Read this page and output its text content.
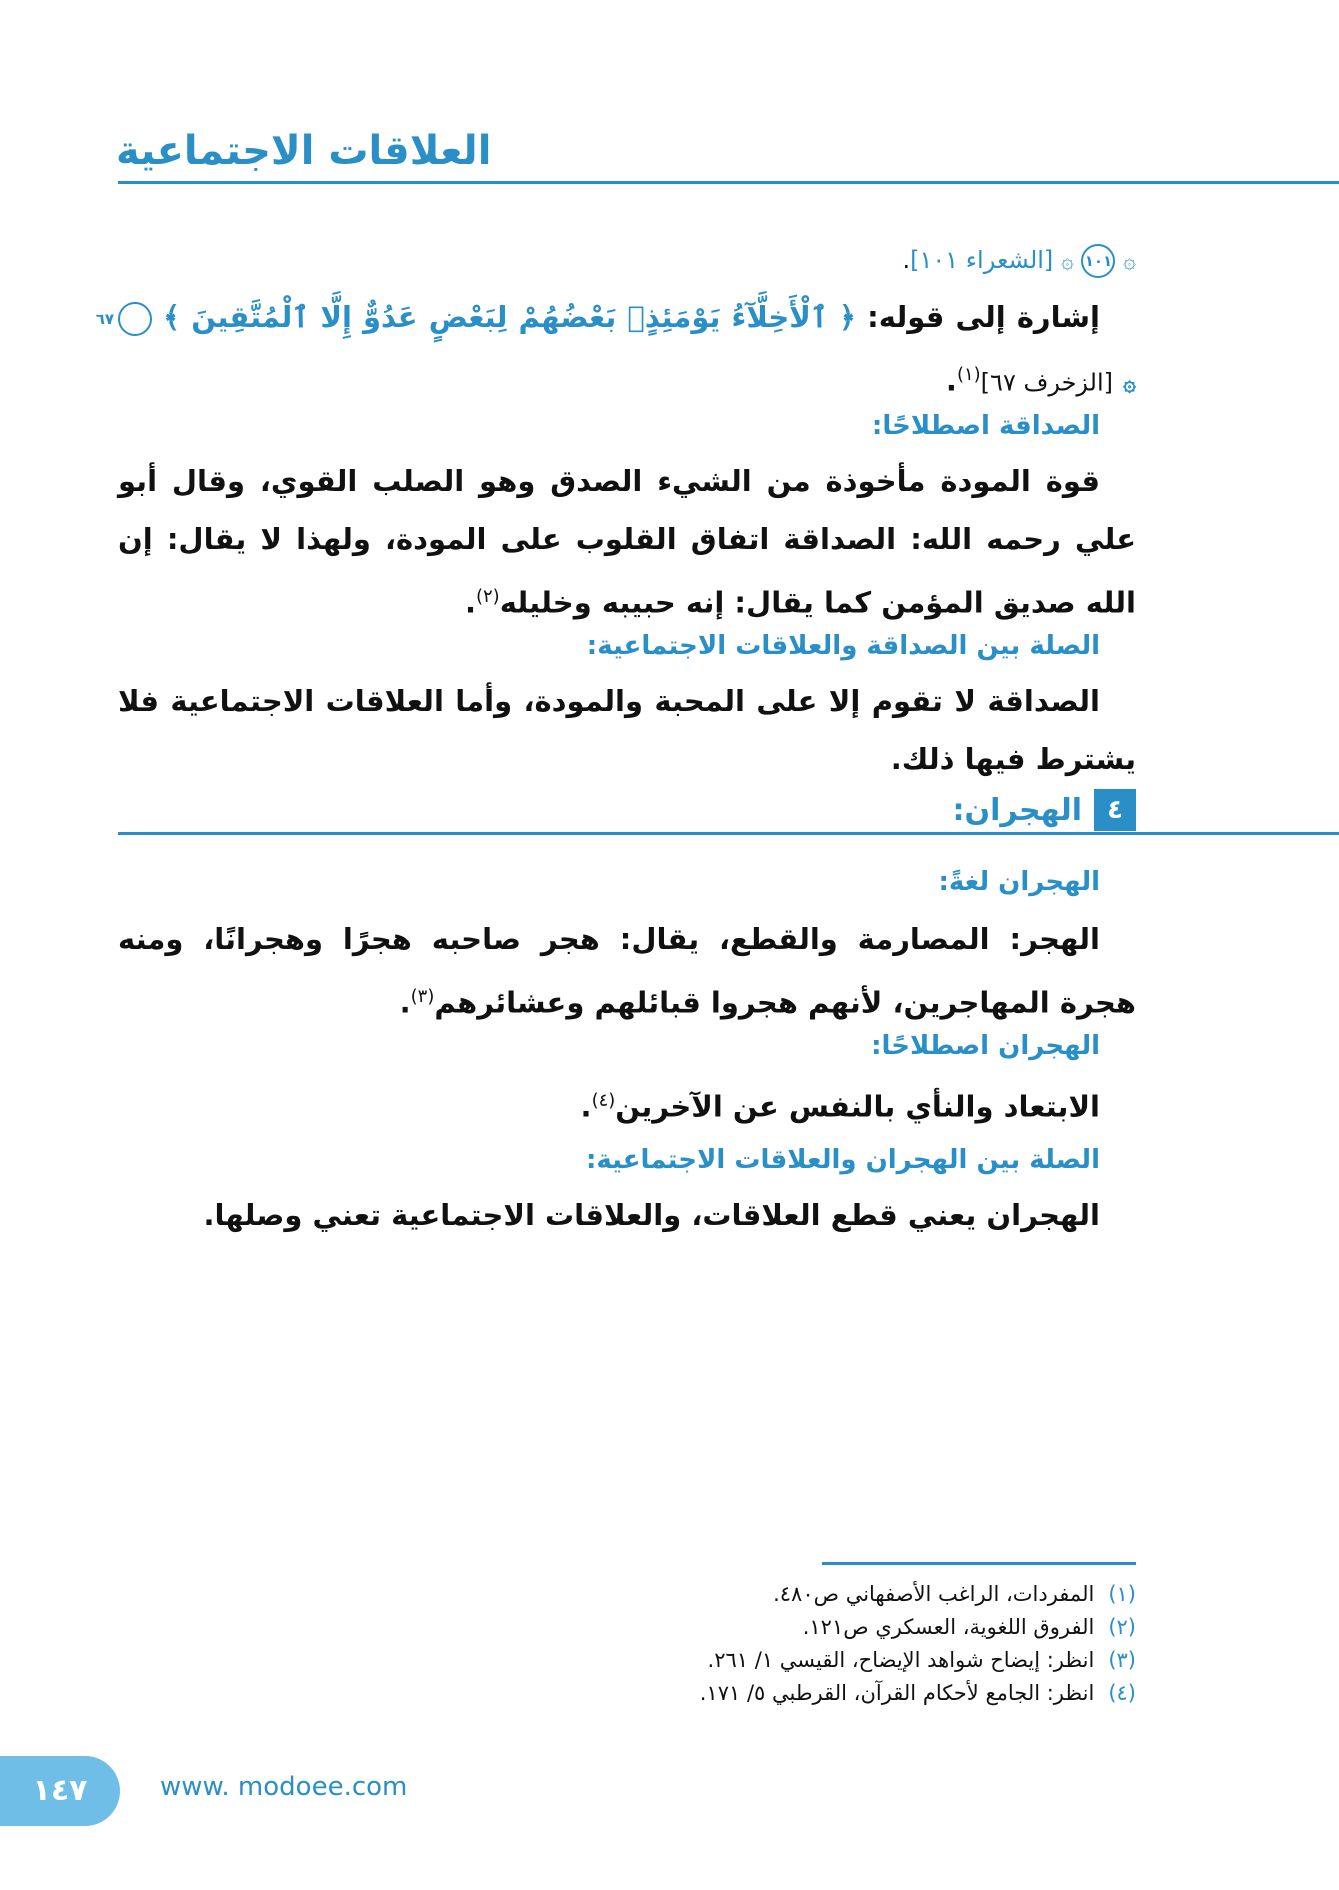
العلاقات الاجتماعية
۞ ١٠١ ۞ [الشعراء ١٠١].
إشارة إلى قوله: ﴿ ٱلْأَخِلَّآءُ يَوْمَئِذٍۭ بَعْضُهُمْ لِبَعْضٍ عَدُوٌّ إِلَّا ٱلْمُتَّقِينَ ﴾ ٦٧ ۞ [الزخرف ٦٧]$^{(١)}$.
الصداقة اصطلاحًا:
قوة المودة مأخوذة من الشيء الصدق وهو الصلب القوي، وقال أبو علي رحمه الله: الصداقة اتفاق القلوب على المودة، ولهذا لا يقال: إن الله صديق المؤمن كما يقال: إنه حبيبه وخليله$^{(٢)}$.
الصلة بين الصداقة والعلاقات الاجتماعية:
الصداقة لا تقوم إلا على المحبة والمودة، وأما العلاقات الاجتماعية فلا يشترط فيها ذلك.
٤
الهجران:
الهجران لغةً:
الهجر: المصارمة والقطع، يقال: هجر صاحبه هجرًا وهجرانًا، ومنه هجرة المهاجرين، لأنهم هجروا قبائلهم وعشائرهم$^{(٣)}$.
الهجران اصطلاحًا:
الابتعاد والنأي بالنفس عن الآخرين$^{(٤)}$.
الصلة بين الهجران والعلاقات الاجتماعية:
الهجران يعني قطع العلاقات، والعلاقات الاجتماعية تعني وصلها.
(١)المفردات، الراغب الأصفهاني ص٤٨٠.
(٢)الفروق اللغوية، العسكري ص١٢١.
(٣)انظر: إيضاح شواهد الإيضاح، القيسي ١/ ٢٦١.
(٤)انظر: الجامع لأحكام القرآن، القرطبي ٥/ ١٧١.
١٤٧	www. modoee.com
